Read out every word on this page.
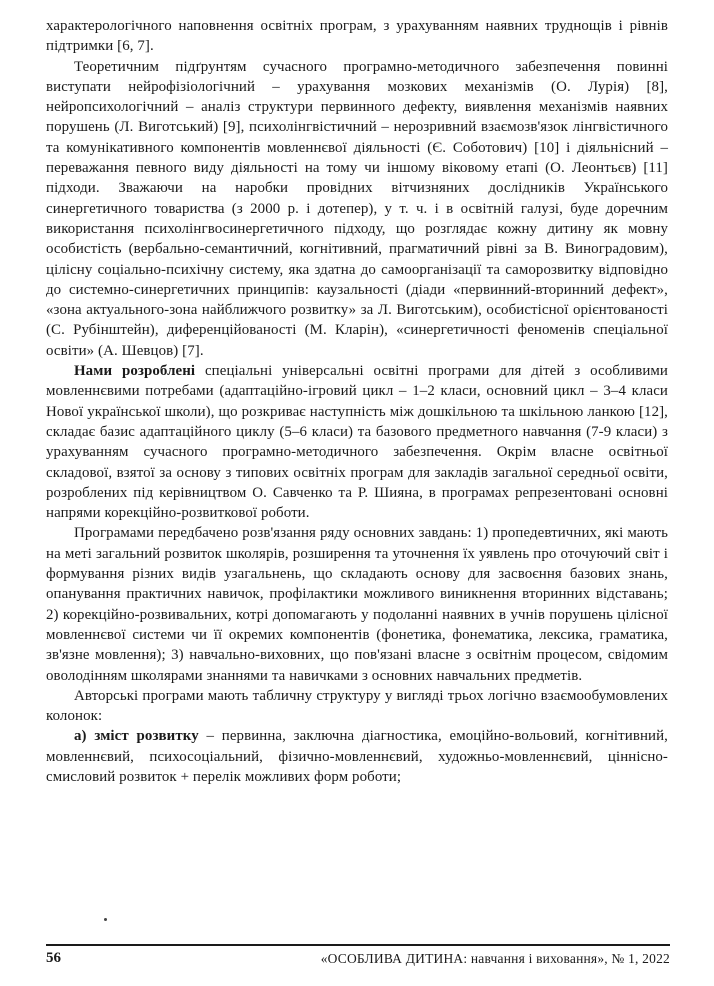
характерологічного наповнення освітніх програм, з урахуванням наявних труднощів і рівнів підтримки [6, 7].

Теоретичним підґрунтям сучасного програмно-методичного забезпечення повинні виступати нейрофізіологічний – урахування мозкових механізмів (О. Лурія) [8], нейропсихологічний – аналіз структури первинного дефекту, виявлення механізмів наявних порушень (Л. Виготський) [9], психолінгвістичний – нерозривний взаємозв'язок лінгвістичного та комунікативного компонентів мовленнєвої діяльності (Є. Соботович) [10] і діяльнісний – переважання певного виду діяльності на тому чи іншому віковому етапі (О. Леонтьєв) [11] підходи. Зважаючи на наробки провідних вітчизняних дослідників Українського синергетичного товариства (з 2000 р. і дотепер), у т. ч. і в освітній галузі, буде доречним використання психолінгвосинергетичного підходу, що розглядає кожну дитину як мовну особистість (вербально-семантичний, когнітивний, прагматичний рівні за В. Виноградовим), цілісну соціально-психічну систему, яка здатна до самоорганізації та саморозвитку відповідно до системно-синергетичних принципів: каузальності (діади «первинний-вторинний дефект», «зона актуального-зона найближчого розвитку» за Л. Виготським), особистісної орієнтованості (С. Рубінштейн), диференційованості (М. Кларін), «синергетичності феноменів спеціальної освіти» (А. Шевцов) [7].

Нами розроблені спеціальні універсальні освітні програми для дітей з особливими мовленнєвими потребами (адаптаційно-ігровий цикл – 1–2 класи, основний цикл – 3–4 класи Нової української школи), що розкриває наступність між дошкільною та шкільною ланкою [12], складає базис адаптаційного циклу (5–6 класи) та базового предметного навчання (7-9 класи) з урахуванням сучасного програмно-методичного забезпечення. Окрім власне освітньої складової, взятої за основу з типових освітніх програм для закладів загальної середньої освіти, розроблених під керівництвом О. Савченко та Р. Шияна, в програмах репрезентовані основні напрями корекційно-розвиткової роботи.

Програмами передбачено розв'язання ряду основних завдань: 1) пропедевтичних, які мають на меті загальний розвиток школярів, розширення та уточнення їх уявлень про оточуючий світ і формування різних видів узагальнень, що складають основу для засвоєння базових знань, опанування практичних навичок, профілактики можливого виникнення вторинних відставань; 2) корекційно-розвивальних, котрі допомагають у подоланні наявних в учнів порушень цілісної мовленнєвої системи чи її окремих компонентів (фонетика, фонематика, лексика, граматика, зв'язне мовлення); 3) навчально-виховних, що пов'язані власне з освітнім процесом, свідомим оволодінням школярами знаннями та навичками з основних навчальних предметів.

Авторські програми мають табличну структуру у вигляді трьох логічно взаємообумовлених колонок:

а) зміст розвитку – первинна, заключна діагностика, емоційно-вольовий, когнітивний, мовленнєвий, психосоціальний, фізично-мовленнєвий, художньо-мовленнєвий, ціннісно-смисловий розвиток + перелік можливих форм роботи;

56	«ОСОБЛИВА ДИТИНА: навчання і виховання», № 1, 2022
